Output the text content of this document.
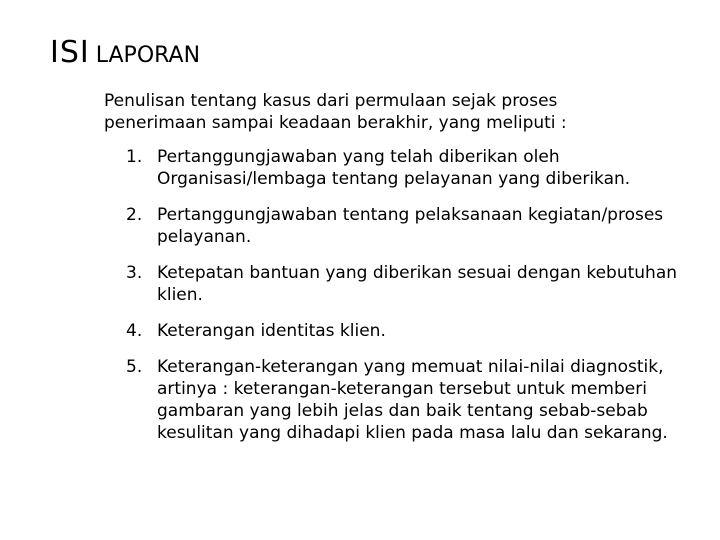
ISI LAPORAN
Penulisan tentang kasus dari permulaan sejak proses penerimaan sampai keadaan berakhir, yang meliputi :
1. Pertanggungjawaban yang telah diberikan oleh Organisasi/lembaga tentang pelayanan yang diberikan.
2. Pertanggungjawaban tentang pelaksanaan kegiatan/proses pelayanan.
3. Ketepatan bantuan yang diberikan sesuai dengan kebutuhan klien.
4. Keterangan identitas klien.
5. Keterangan-keterangan yang memuat nilai-nilai diagnostik, artinya : keterangan-keterangan tersebut untuk memberi gambaran yang lebih jelas dan baik tentang sebab-sebab kesulitan yang dihadapi klien pada masa lalu dan sekarang.
